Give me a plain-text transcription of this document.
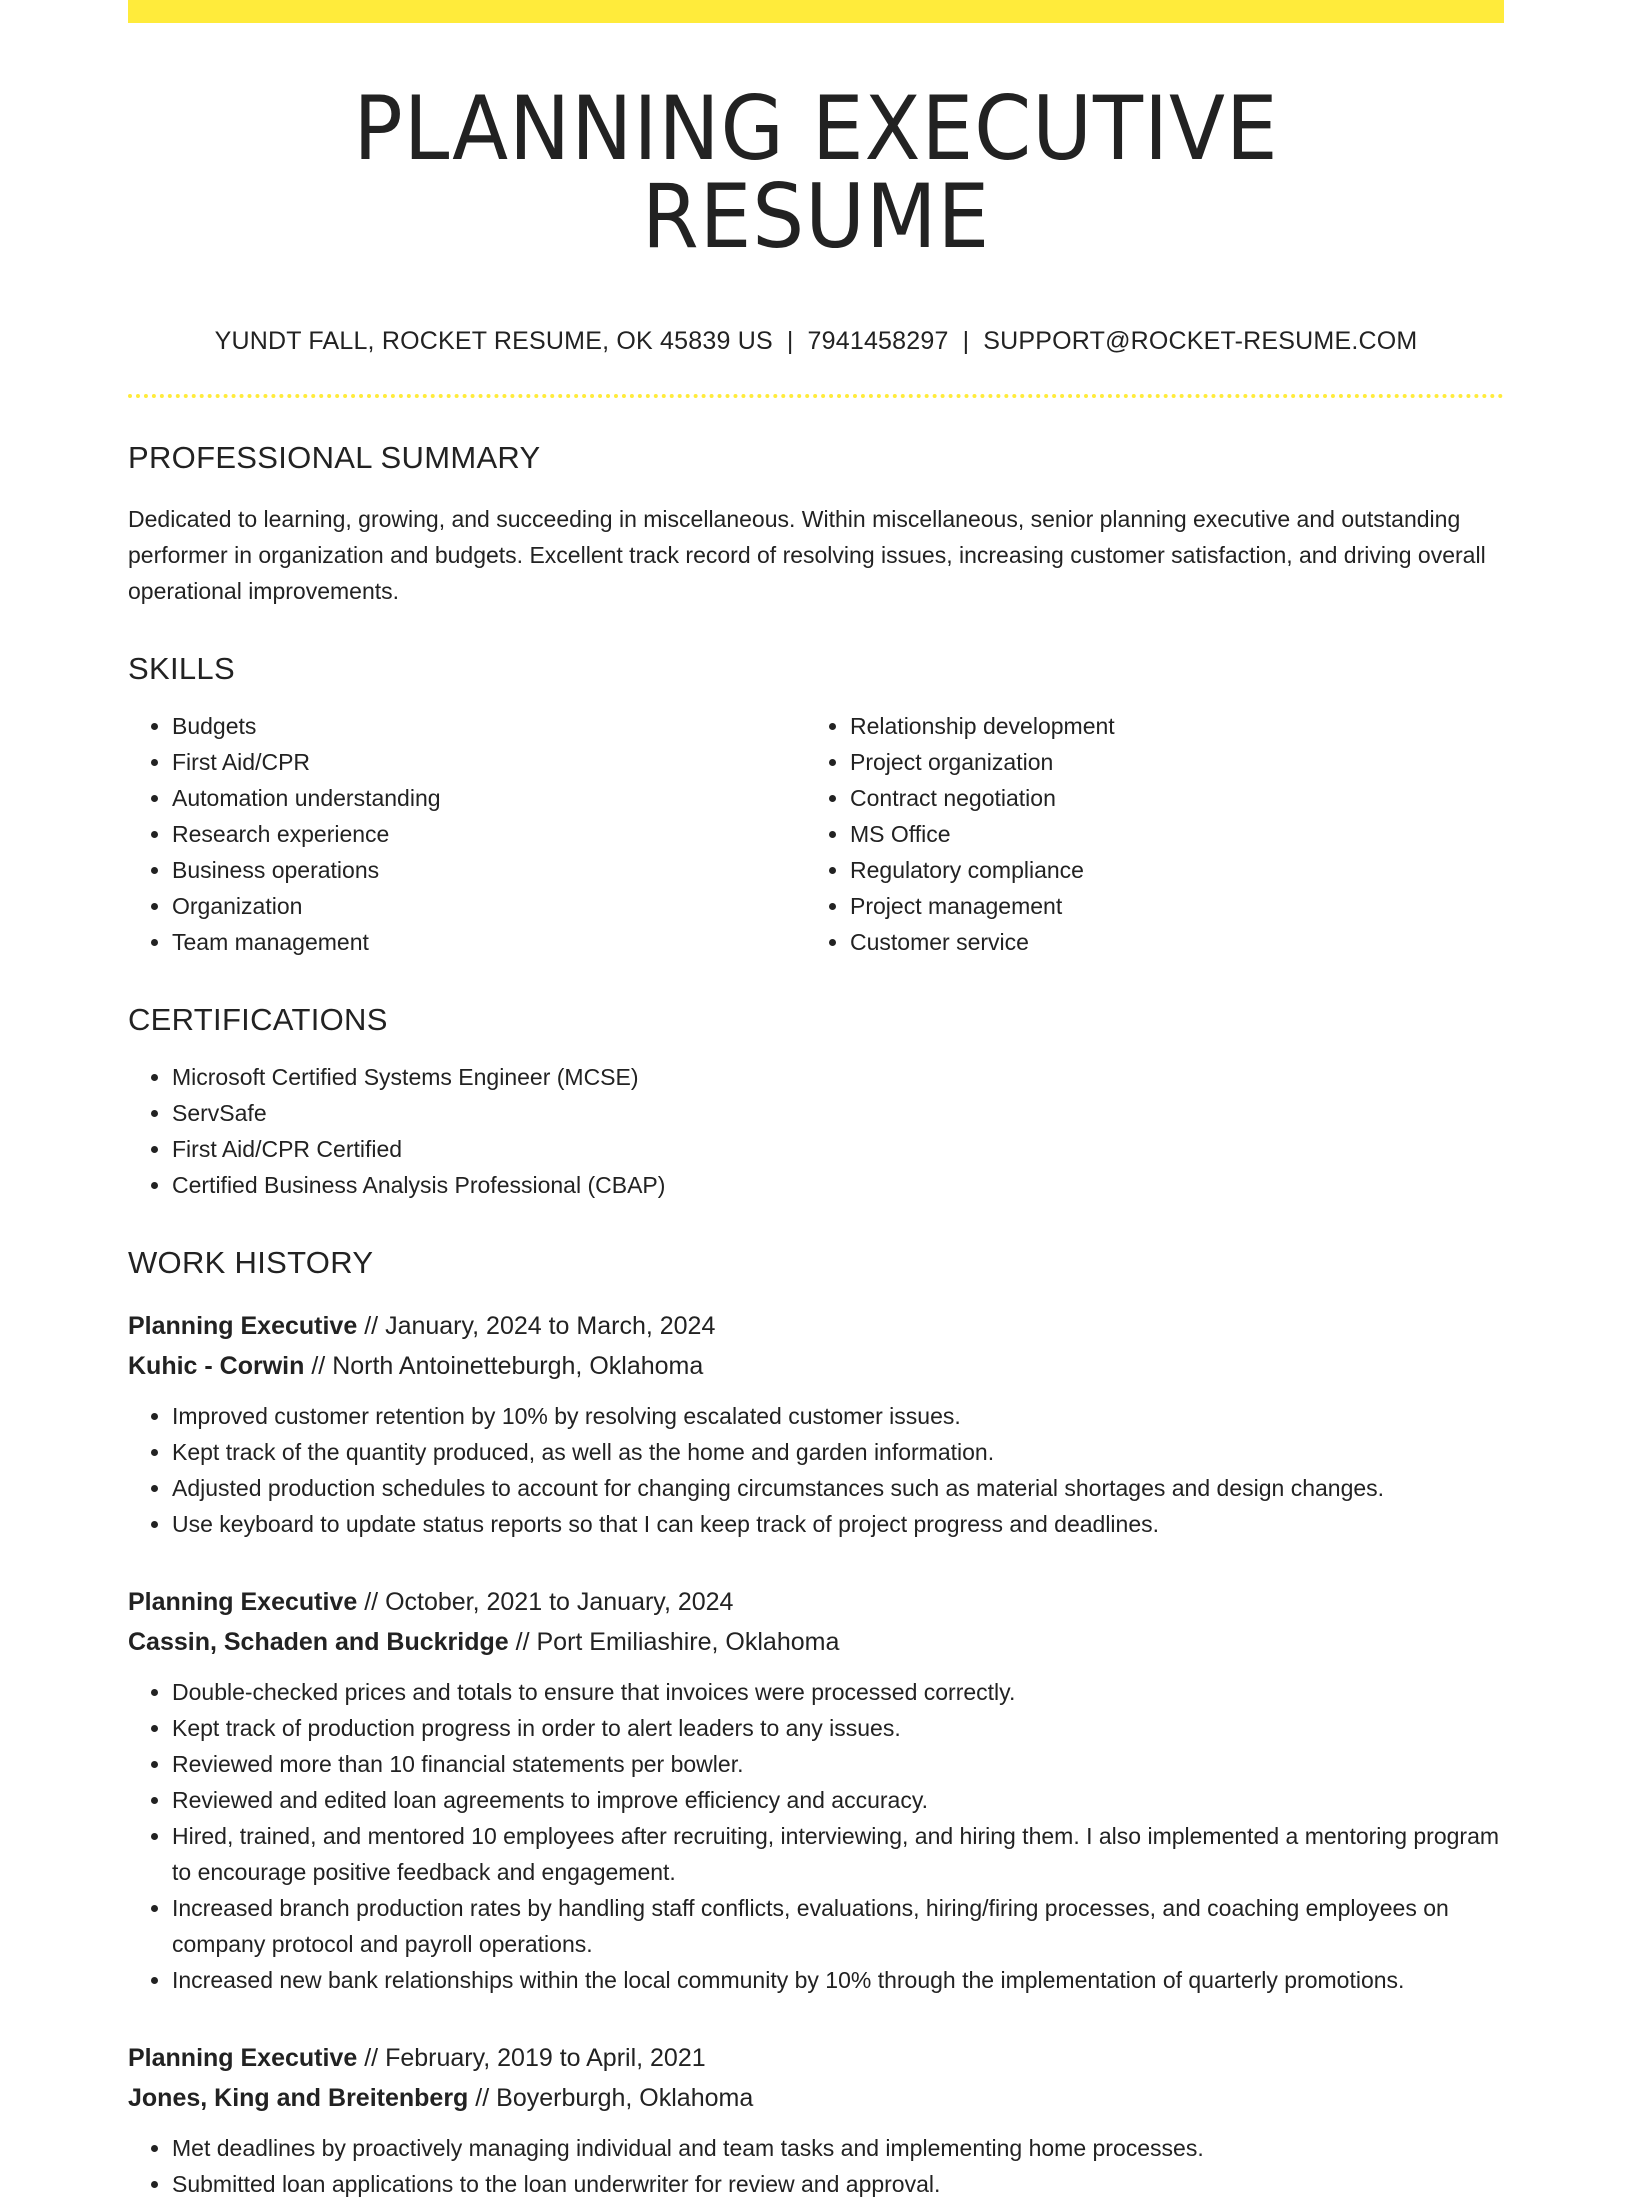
PLANNING EXECUTIVE RESUME
YUNDT FALL, ROCKET RESUME, OK 45839 US | 7941458297 | SUPPORT@ROCKET-RESUME.COM
PROFESSIONAL SUMMARY
Dedicated to learning, growing, and succeeding in miscellaneous. Within miscellaneous, senior planning executive and outstanding performer in organization and budgets. Excellent track record of resolving issues, increasing customer satisfaction, and driving overall operational improvements.
SKILLS
• Budgets
• First Aid/CPR
• Automation understanding
• Research experience
• Business operations
• Organization
• Team management
• Relationship development
• Project organization
• Contract negotiation
• MS Office
• Regulatory compliance
• Project management
• Customer service
CERTIFICATIONS
• Microsoft Certified Systems Engineer (MCSE)
• ServSafe
• First Aid/CPR Certified
• Certified Business Analysis Professional (CBAP)
WORK HISTORY
Planning Executive // January, 2024 to March, 2024
Kuhic - Corwin // North Antoinetteburgh, Oklahoma
• Improved customer retention by 10% by resolving escalated customer issues.
• Kept track of the quantity produced, as well as the home and garden information.
• Adjusted production schedules to account for changing circumstances such as material shortages and design changes.
• Use keyboard to update status reports so that I can keep track of project progress and deadlines.
Planning Executive // October, 2021 to January, 2024
Cassin, Schaden and Buckridge // Port Emiliashire, Oklahoma
• Double-checked prices and totals to ensure that invoices were processed correctly.
• Kept track of production progress in order to alert leaders to any issues.
• Reviewed more than 10 financial statements per bowler.
• Reviewed and edited loan agreements to improve efficiency and accuracy.
• Hired, trained, and mentored 10 employees after recruiting, interviewing, and hiring them. I also implemented a mentoring program to encourage positive feedback and engagement.
• Increased branch production rates by handling staff conflicts, evaluations, hiring/firing processes, and coaching employees on company protocol and payroll operations.
• Increased new bank relationships within the local community by 10% through the implementation of quarterly promotions.
Planning Executive // February, 2019 to April, 2021
Jones, King and Breitenberg // Boyerburgh, Oklahoma
• Met deadlines by proactively managing individual and team tasks and implementing home processes.
• Submitted loan applications to the loan underwriter for review and approval.
